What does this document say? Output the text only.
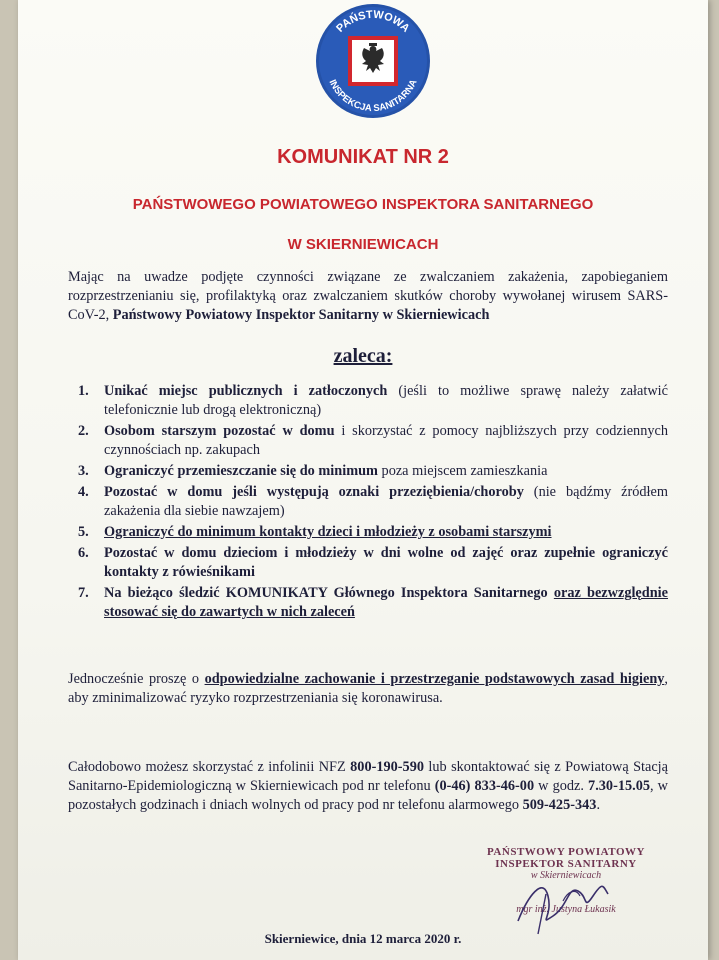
PAŃSTWOWA
INSPEKCJA SANITARNA
KOMUNIKAT NR 2
PAŃSTWOWEGO POWIATOWEGO INSPEKTORA SANITARNEGO
W SKIERNIEWICACH
Mając na uwadze podjęte czynności związane ze zwalczaniem zakażenia, zapobieganiem rozprzestrzenianiu się, profilaktyką oraz zwalczaniem skutków choroby wywołanej wirusem SARS-CoV-2, Państwowy Powiatowy Inspektor Sanitarny w Skierniewicach
zaleca:
1.	Unikać miejsc publicznych i zatłoczonych (jeśli to możliwe sprawę należy załatwić telefonicznie lub drogą elektroniczną)
2.	Osobom starszym pozostać w domu i skorzystać z pomocy najbliższych przy codziennych czynnościach np. zakupach
3.	Ograniczyć przemieszczanie się do minimum poza miejscem zamieszkania
4.	Pozostać w domu jeśli występują oznaki przeziębienia/choroby (nie bądźmy źródłem zakażenia dla siebie nawzajem)
5.	Ograniczyć do minimum kontakty dzieci i młodzieży z osobami starszymi
6.	Pozostać w domu dzieciom i młodzieży w dni wolne od zajęć oraz zupełnie ograniczyć kontakty z rówieśnikami
7.	Na bieżąco śledzić KOMUNIKATY Głównego Inspektora Sanitarnego oraz bezwzględnie stosować się do zawartych w nich zaleceń
Jednocześnie proszę o odpowiedzialne zachowanie i przestrzeganie podstawowych zasad higieny, aby zminimalizować ryzyko rozprzestrzeniania się koronawirusa.
Całodobowo możesz skorzystać z infolinii NFZ 800-190-590 lub skontaktować się z Powiatową Stacją Sanitarno-Epidemiologiczną w Skierniewicach pod nr telefonu (0-46) 833-46-00 w godz. 7.30-15.05, w pozostałych godzinach i dniach wolnych od pracy pod nr telefonu alarmowego 509-425-343.
PAŃSTWOWY POWIATOWY
INSPEKTOR SANITARNY
w Skierniewicach
mgr inż. Justyna Łukasik
Skierniewice, dnia 12 marca 2020 r.
